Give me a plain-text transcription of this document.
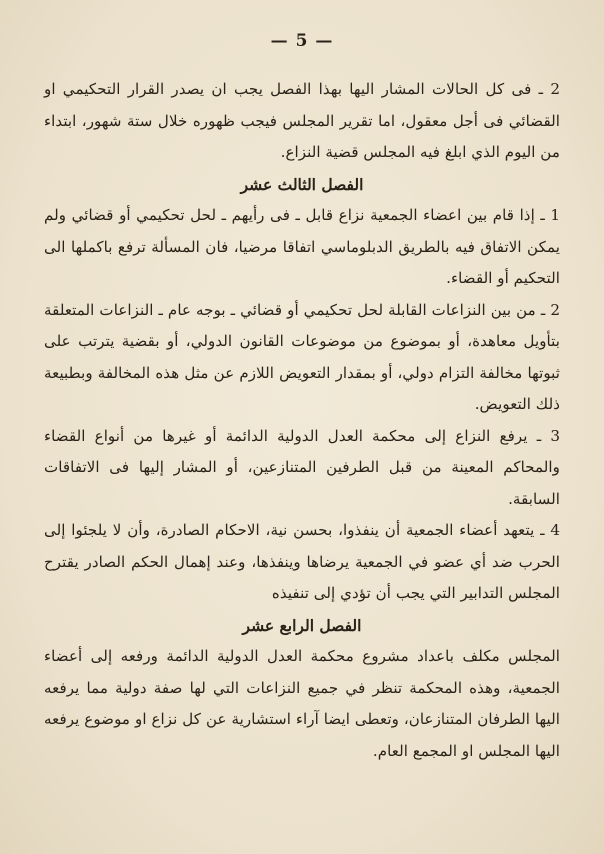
— 5 —

2 ـ فى كل الحالات المشار اليها بهذا الفصل يجب ان يصدر القرار التحكيمي او القضائي فى أجل معقول، اما تقرير المجلس فيجب ظهوره خلال ستة شهور، ابتداء من اليوم الذي ابلغ فيه المجلس قضية النزاع.

الفصل الثالث عشر

1 ـ إذا قام بين اعضاء الجمعية نزاع قابل ـ فى رأيهم ـ لحل تحكيمي أو قضائي ولم يمكن الاتفاق فيه بالطريق الدبلوماسي اتفاقا مرضيا، فان المسألة ترفع باكملها الى التحكيم أو القضاء.

2 ـ من بين النزاعات القابلة لحل تحكيمي أو قضائي ـ بوجه عام ـ النزاعات المتعلقة بتأويل معاهدة، أو بموضوع من موضوعات القانون الدولي، أو بقضية يترتب على ثبوتها مخالفة التزام دولي، أو بمقدار التعويض اللازم عن مثل هذه المخالفة وبطبيعة ذلك التعويض.

3 ـ يرفع النزاع إلى محكمة العدل الدولية الدائمة أو غيرها من أنواع القضاء والمحاكم المعينة من قبل الطرفين المتنازعين، أو المشار إليها فى الاتفاقات السابقة.

4 ـ يتعهد أعضاء الجمعية أن ينفذوا، بحسن نية، الاحكام الصادرة، وأن لا يلجئوا إلى الحرب ضد أي عضو في الجمعية يرضاها وينفذها، وعند إهمال الحكم الصادر يقترح المجلس التدابير التي يجب أن تؤدي إلى تنفيذه

الفصل الرابع عشر

المجلس مكلف باعداد مشروع محكمة العدل الدولية الدائمة ورفعه إلى أعضاء الجمعية، وهذه المحكمة تنظر في جميع النزاعات التي لها صفة دولية مما يرفعه اليها الطرفان المتنازعان، وتعطى ايضا آراء استشارية عن كل نزاع او موضوع يرفعه اليها المجلس او المجمع العام.
